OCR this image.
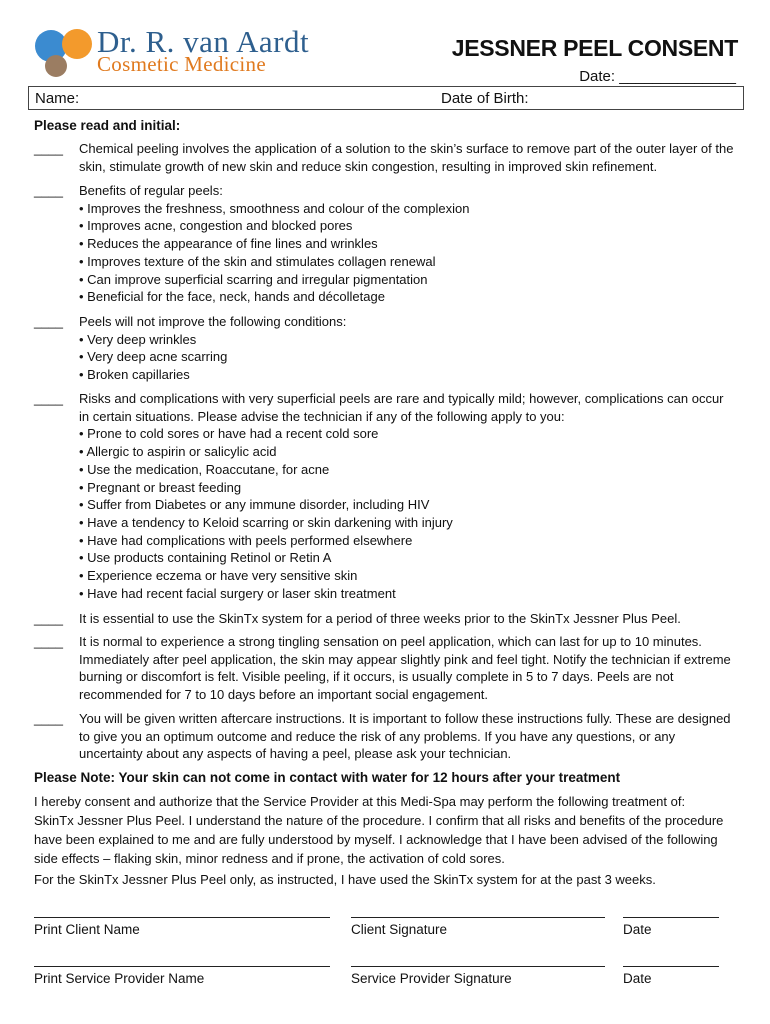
Dr. R. van Aardt
Cosmetic Medicine
JESSNER PEEL CONSENT
Date: ______________
Name:	Date of Birth:
Please read and initial:
____	Chemical peeling involves the application of a solution to the skin’s surface to remove part of the outer layer of the skin, stimulate growth of new skin and reduce skin congestion, resulting in improved skin refinement.
____	Benefits of regular peels:
• Improves the freshness, smoothness and colour of the complexion
• Improves acne, congestion and blocked pores
• Reduces the appearance of fine lines and wrinkles
• Improves texture of the skin and stimulates collagen renewal
• Can improve superficial scarring and irregular pigmentation
• Beneficial for the face, neck, hands and décolletage
____	Peels will not improve the following conditions:
• Very deep wrinkles
• Very deep acne scarring
• Broken capillaries
____	Risks and complications with very superficial peels are rare and typically mild; however, complications can occur in certain situations. Please advise the technician if any of the following apply to you:
• Prone to cold sores or have had a recent cold sore
• Allergic to aspirin or salicylic acid
• Use the medication, Roaccutane, for acne
• Pregnant or breast feeding
• Suffer from Diabetes or any immune disorder, including HIV
• Have a tendency to Keloid scarring or skin darkening with injury
• Have had complications with peels performed elsewhere
• Use products containing Retinol or Retin A
• Experience eczema or have very sensitive skin
• Have had recent facial surgery or laser skin treatment
____	It is essential to use the SkinTx system for a period of three weeks prior to the SkinTx Jessner Plus Peel.
____	It is normal to experience a strong tingling sensation on peel application, which can last for up to 10 minutes. Immediately after peel application, the skin may appear slightly pink and feel tight. Notify the technician if extreme burning or discomfort is felt. Visible peeling, if it occurs, is usually complete in 5 to 7 days. Peels are not recommended for 7 to 10 days before an important social engagement.
____	You will be given written aftercare instructions. It is important to follow these instructions fully. These are designed to give you an optimum outcome and reduce the risk of any problems. If you have any questions, or any uncertainty about any aspects of having a peel, please ask your technician.
Please Note: Your skin can not come in contact with water for 12 hours after your treatment
I hereby consent and authorize that the Service Provider at this Medi-Spa may perform the following treatment of: SkinTx Jessner Plus Peel. I understand the nature of the procedure. I confirm that all risks and benefits of the procedure have been explained to me and are fully understood by myself. I acknowledge that I have been advised of the following side effects – flaking skin, minor redness and if prone, the activation of cold sores.
For the SkinTx Jessner Plus Peel only, as instructed, I have used the SkinTx system for at the past 3 weeks.
Print Client Name	Client Signature	Date
Print Service Provider Name	Service Provider Signature	Date
